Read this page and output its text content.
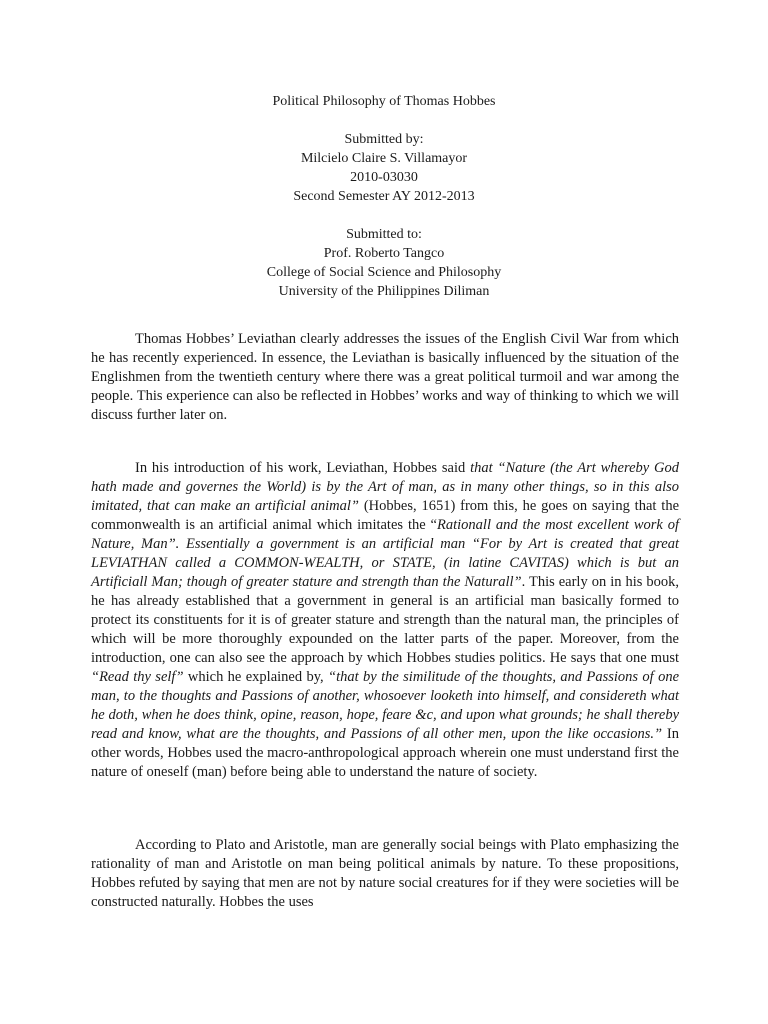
Political Philosophy of Thomas Hobbes
Submitted by:
Milcielo Claire S. Villamayor
2010-03030
Second Semester AY 2012-2013
Submitted to:
Prof. Roberto Tangco
College of Social Science and Philosophy
University of the Philippines Diliman

Thomas Hobbes’ Leviathan clearly addresses the issues of the English Civil War from which he has recently experienced. In essence, the Leviathan is basically influenced by the situation of the Englishmen from the twentieth century where there was a great political turmoil and war among the people. This experience can also be reflected in Hobbes’ works and way of thinking to which we will discuss further later on.

In his introduction of his work, Leviathan, Hobbes said that “Nature (the Art whereby God hath made and governes the World) is by the Art of man, as in many other things, so in this also imitated, that can make an artificial animal” (Hobbes, 1651) from this, he goes on saying that the commonwealth is an artificial animal which imitates the “Rationall and the most excellent work of Nature, Man”. Essentially a government is an artificial man “For by Art is created that great LEVIATHAN called a COMMON-WEALTH, or STATE, (in latine CAVITAS) which is but an Artificiall Man; though of greater stature and strength than the Naturall”. This early on in his book, he has already established that a government in general is an artificial man basically formed to protect its constituents for it is of greater stature and strength than the natural man, the principles of which will be more thoroughly expounded on the latter parts of the paper. Moreover, from the introduction, one can also see the approach by which Hobbes studies politics. He says that one must “Read thy self” which he explained by, “that by the similitude of the thoughts, and Passions of one man, to the thoughts and Passions of another, whosoever looketh into himself, and considereth what he doth, when he does think, opine, reason, hope, feare &c, and upon what grounds; he shall thereby read and know, what are the thoughts, and Passions of all other men, upon the like occasions.” In other words, Hobbes used the macro-anthropological approach wherein one must understand first the nature of oneself (man) before being able to understand the nature of society.

According to Plato and Aristotle, man are generally social beings with Plato emphasizing the rationality of man and Aristotle on man being political animals by nature. To these propositions, Hobbes refuted by saying that men are not by nature social creatures for if they were societies will be constructed naturally. Hobbes the uses
